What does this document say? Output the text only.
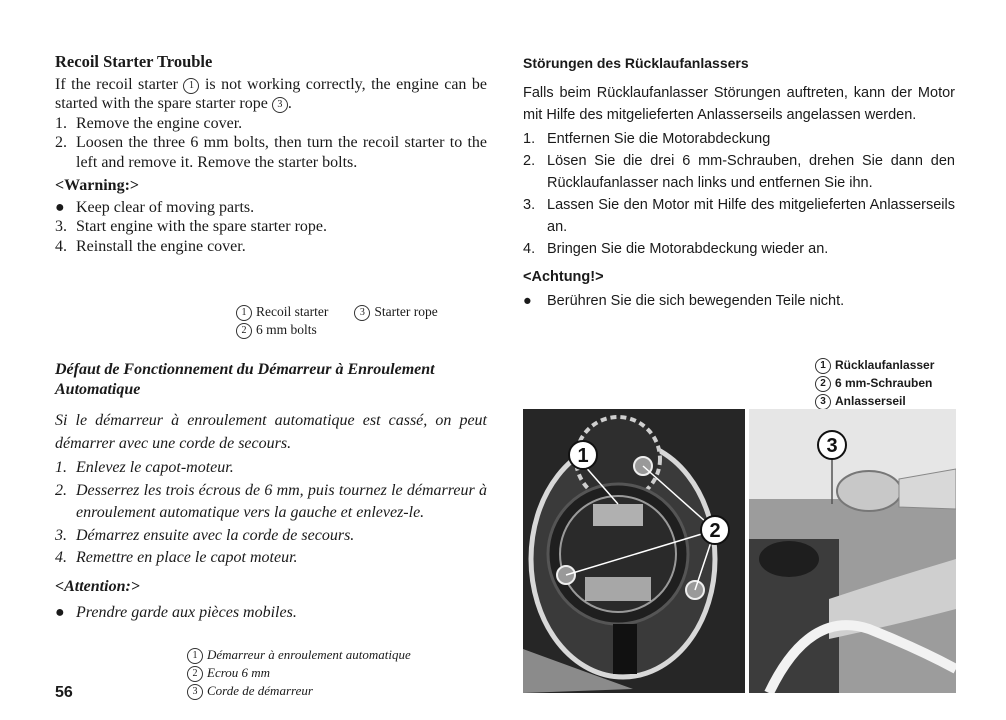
Recoil Starter Trouble

If the recoil starter 1 is not working correctly, the engine can be started with the spare starter rope 3 .

1. Remove the engine cover.
2. Loosen the three 6 mm bolts, then turn the recoil starter to the left and remove it. Remove the starter bolts.
<Warning:>
● Keep clear of moving parts.
3. Start engine with the spare starter rope.
4. Reinstall the engine cover.
1 Recoil starter	3 Starter rope
2 6 mm bolts
Défaut de Fonctionnement du Démarreur à Enroulement Automatique

Si le démarreur à enroulement automatique est cassé, on peut démarrer avec une corde de secours.

1. Enlevez le capot-moteur.
2. Desserrez les trois écrous de 6 mm, puis tournez le démarreur à enroulement automatique vers la gauche et enlevez-le.
3. Démarrez ensuite avec la corde de secours.
4. Remettre en place le capot moteur.
<Attention:>
● Prendre garde aux pièces mobiles.
1 Démarreur à enroulement automatique
2 Ecrou 6 mm
3 Corde de démarreur
56
Störungen des Rücklaufanlassers

Falls beim Rücklaufanlasser Störungen auftreten, kann der Motor mit Hilfe des mitgelieferten Anlasserseils angelassen werden.

1. Entfernen Sie die Motorabdeckung
2. Lösen Sie die drei 6 mm-Schrauben, drehen Sie dann den Rücklaufanlasser nach links und entfernen Sie ihn.
3. Lassen Sie den Motor mit Hilfe des mitgelieferten Anlasserseils an.
4. Bringen Sie die Motorabdeckung wieder an.
<Achtung!>
●	Berühren Sie die sich bewegenden Teile nicht.
1 Rücklaufanlasser
2 6 mm-Schrauben
3 Anlasserseil
1
2
3
